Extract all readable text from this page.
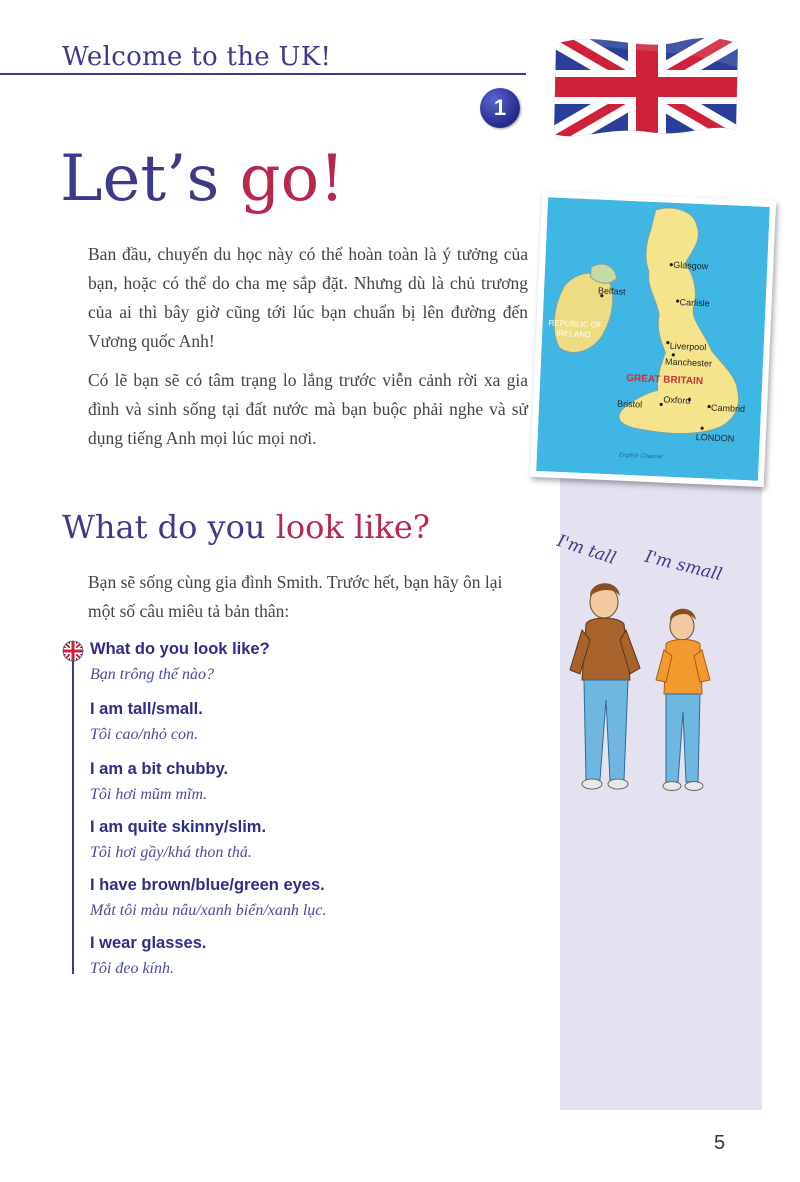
Welcome to the UK!
1
Let’s go!
Ban đầu, chuyến du học này có thể hoàn toàn là ý tưởng của bạn, hoặc có thể do cha mẹ sắp đặt. Nhưng dù là chủ trương của ai thì bây giờ cũng tới lúc bạn chuẩn bị lên đường đến Vương quốc Anh!
Có lẽ bạn sẽ có tâm trạng lo lắng trước viễn cảnh rời xa gia đình và sinh sống tại đất nước mà bạn buộc phải nghe và sử dụng tiếng Anh mọi lúc mọi nơi.
What do you look like?
Bạn sẽ sống cùng gia đình Smith. Trước hết, bạn hãy ôn lại một số câu miêu tả bản thân:
What do you look like?
Bạn trông thế nào?
I am tall/small.
Tôi cao/nhỏ con.
I am a bit chubby.
Tôi hơi mũm mĩm.
I am quite skinny/slim.
Tôi hơi gầy/khá thon thả.
I have brown/blue/green eyes.
Mắt tôi màu nâu/xanh biển/xanh lục.
I wear glasses.
Tôi đeo kính.
Glasgow
Belfast
Carlisle
REPUBLIC OF
IRELAND
Liverpool
Manchester
GREAT BRITAIN
Bristol Oxford
Cambrid
LONDON
English Channel
I'm tall I'm small
5
